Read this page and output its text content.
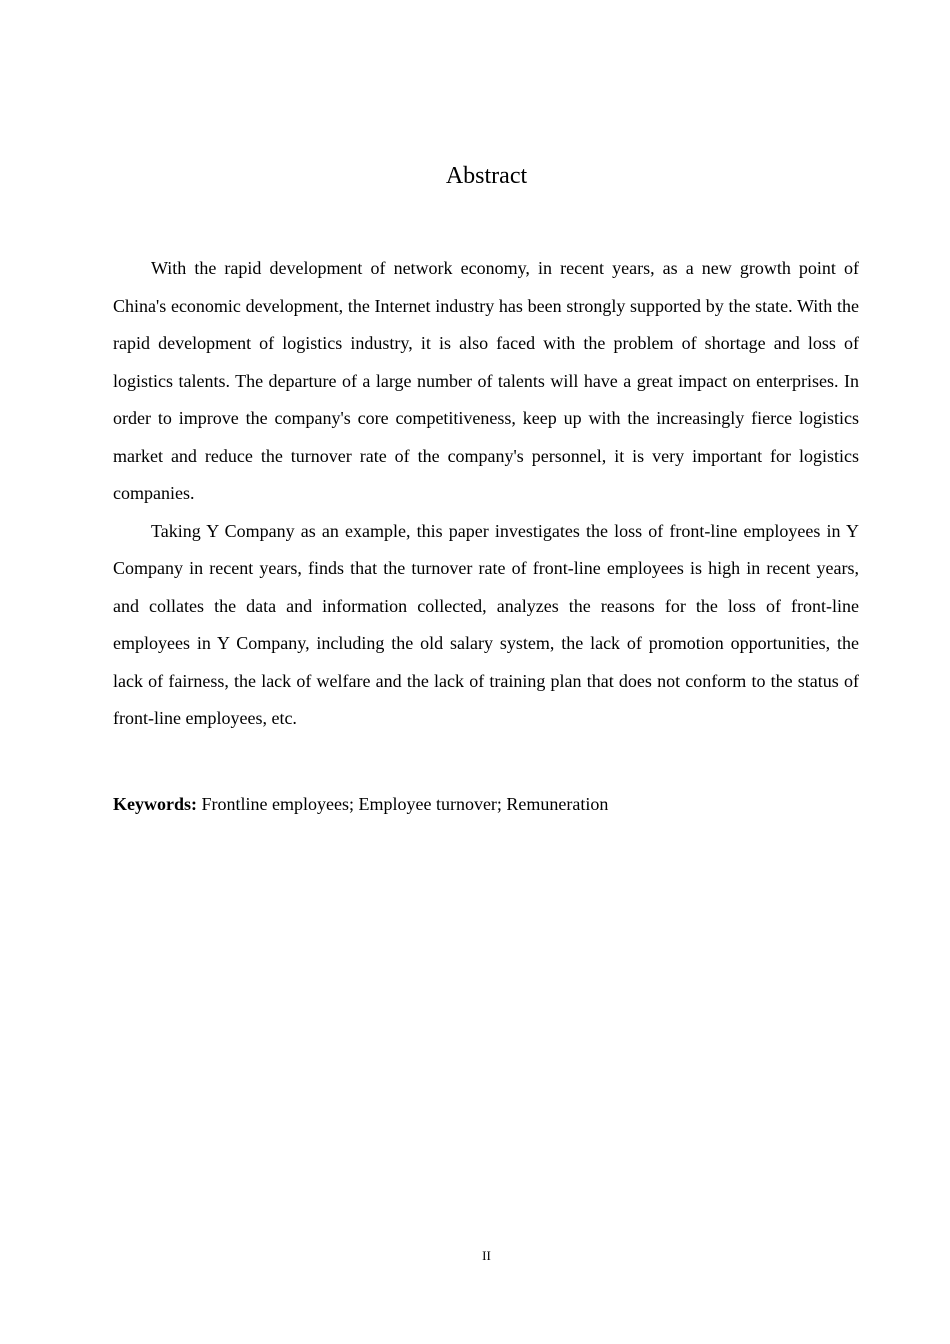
Abstract

With the rapid development of network economy, in recent years, as a new growth point of China's economic development, the Internet industry has been strongly supported by the state. With the rapid development of logistics industry, it is also faced with the problem of shortage and loss of logistics talents. The departure of a large number of talents will have a great impact on enterprises. In order to improve the company's core competitiveness, keep up with the increasingly fierce logistics market and reduce the turnover rate of the company's personnel, it is very important for logistics companies.

Taking Y Company as an example, this paper investigates the loss of front-line employees in Y Company in recent years, finds that the turnover rate of front-line employees is high in recent years, and collates the data and information collected, analyzes the reasons for the loss of front-line employees in Y Company, including the old salary system, the lack of promotion opportunities, the lack of fairness, the lack of welfare and the lack of training plan that does not conform to the status of front-line employees, etc.

Keywords: Frontline employees; Employee turnover; Remuneration

II
